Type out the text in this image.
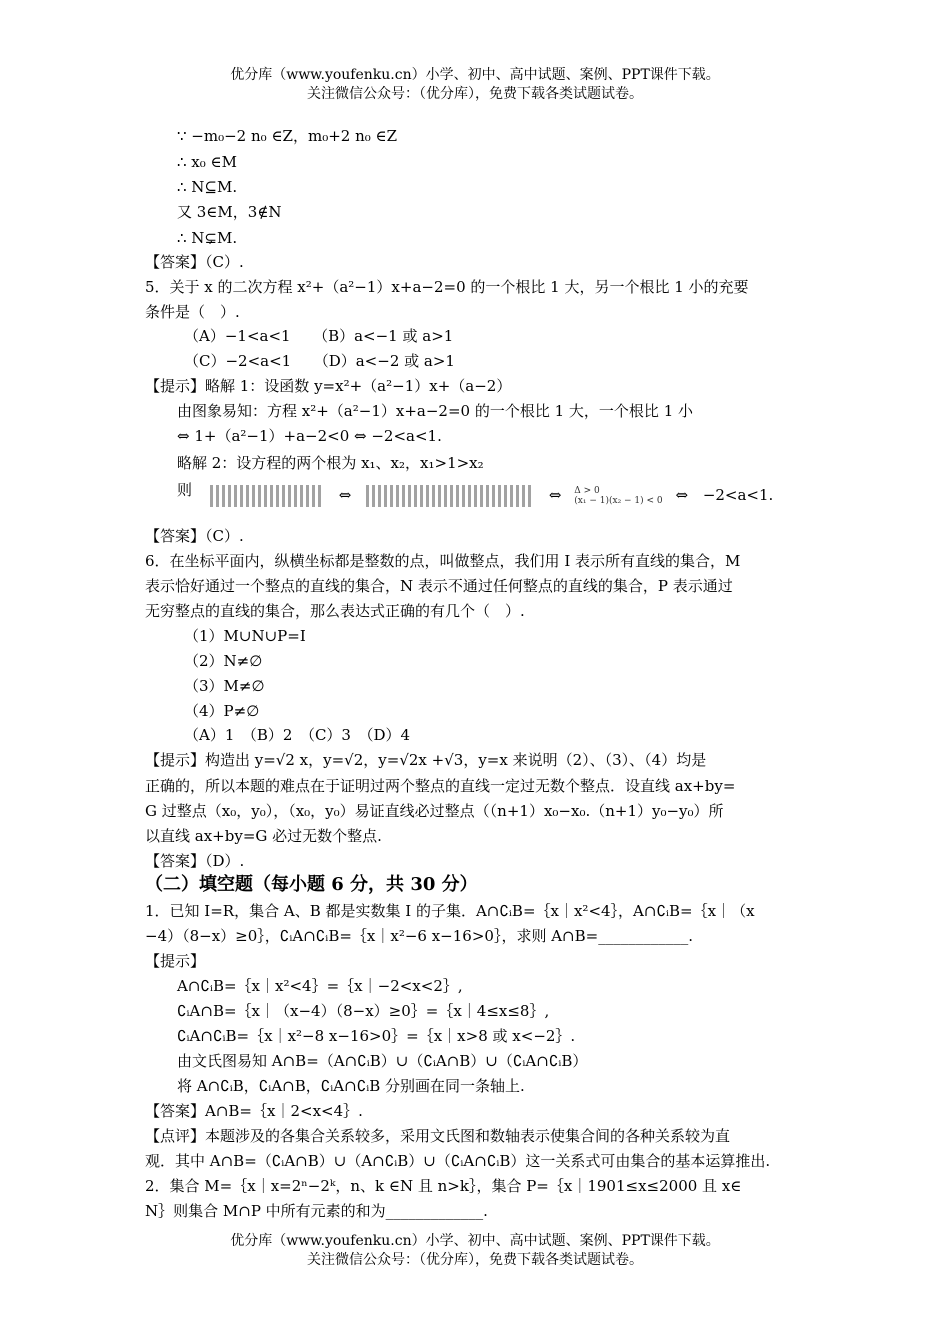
优分库（www.youfenku.cn）小学、初中、高中试题、案例、PPT课件下载。
关注微信公众号：（优分库），免费下载各类试题试卷。
∵ −m₀−2 n₀ ∈Z，m₀+2 n₀ ∈Z
∴ x₀ ∈M
∴ N⊆M.
又 3∈M，3∉N
∴ N⊊M.
【答案】（C）.
5．关于 x 的二次方程 x²+（a²−1）x+a−2=0 的一个根比 1 大，另一个根比 1 小的充要
条件是（　）.
（A）−1<a<1　　（B）a<−1 或 a>1
（C）−2<a<1　　（D）a<−2 或 a>1
【提示】略解 1：设函数 y=x²+（a²−1）x+（a−2）
由图象易知：方程 x²+（a²−1）x+a−2=0 的一个根比 1 大，一个根比 1 小
⇔ 1+（a²−1）+a−2<0 ⇔ −2<a<1.
略解 2：设方程的两个根为 x₁、x₂，x₁>1>x₂
则	⇔	⇔ Δ > 0
(x₁ − 1)(x₂ − 1) < 0 ⇔ −2<a<1.
【答案】（C）.
6．在坐标平面内，纵横坐标都是整数的点，叫做整点，我们用 I 表示所有直线的集合，M
表示恰好通过一个整点的直线的集合，N 表示不通过任何整点的直线的集合，P 表示通过
无穷整点的直线的集合，那么表达式正确的有几个（　）.
（1）M∪N∪P=I
（2）N≠∅
（3）M≠∅
（4）P≠∅
（A）1　（B）2　（C）3　（D）4
【提示】构造出 y=√2 x，y=√2，y=√2x +√3，y=x 来说明（2）、（3）、（4）均是
正确的，所以本题的难点在于证明过两个整点的直线一定过无数个整点．设直线 ax+by=
G 过整点（x₀，y₀），（x₀，y₀）易证直线必过整点（（n+1）x₀−x₀.（n+1）y₀−y₀）所
以直线 ax+by=G 必过无数个整点.
【答案】（D）.
（二）填空题（每小题 6 分，共 30 分）
1．已知 I=R，集合 A、B 都是实数集 I 的子集．A∩∁ᵢB=｛x｜x²<4｝，A∩∁ᵢB=｛x｜（x
−4）（8−x）≥0｝，∁ᵢA∩∁ᵢB=｛x｜x²−6 x−16>0｝，求则 A∩B=____________.
【提示】
A∩∁ᵢB=｛x｜x²<4｝=｛x｜−2<x<2｝,
∁ᵢA∩B=｛x｜（x−4）（8−x）≥0｝=｛x｜4≤x≤8｝,
∁ᵢA∩∁ᵢB=｛x｜x²−8 x−16>0｝=｛x｜x>8 或 x<−2｝.
由文氏图易知 A∩B=（A∩∁ᵢB）∪（∁ᵢA∩B）∪（∁ᵢA∩∁ᵢB）
将 A∩∁ᵢB，∁ᵢA∩B，∁ᵢA∩∁ᵢB 分别画在同一条轴上.
【答案】A∩B=｛x｜2<x<4｝.
【点评】本题涉及的各集合关系较多，采用文氏图和数轴表示使集合间的各种关系较为直
观．其中 A∩B=（∁ᵢA∩B）∪（A∩∁ᵢB）∪（∁ᵢA∩∁ᵢB）这一关系式可由集合的基本运算推出.
2．集合 M=｛x｜x=2ⁿ−2ᵏ，n、k ∈N 且 n>k｝，集合 P=｛x｜1901≤x≤2000 且 x∈
N｝则集合 M∩P 中所有元素的和为_____________.
优分库（www.youfenku.cn）小学、初中、高中试题、案例、PPT课件下载。
关注微信公众号：（优分库），免费下载各类试题试卷。
